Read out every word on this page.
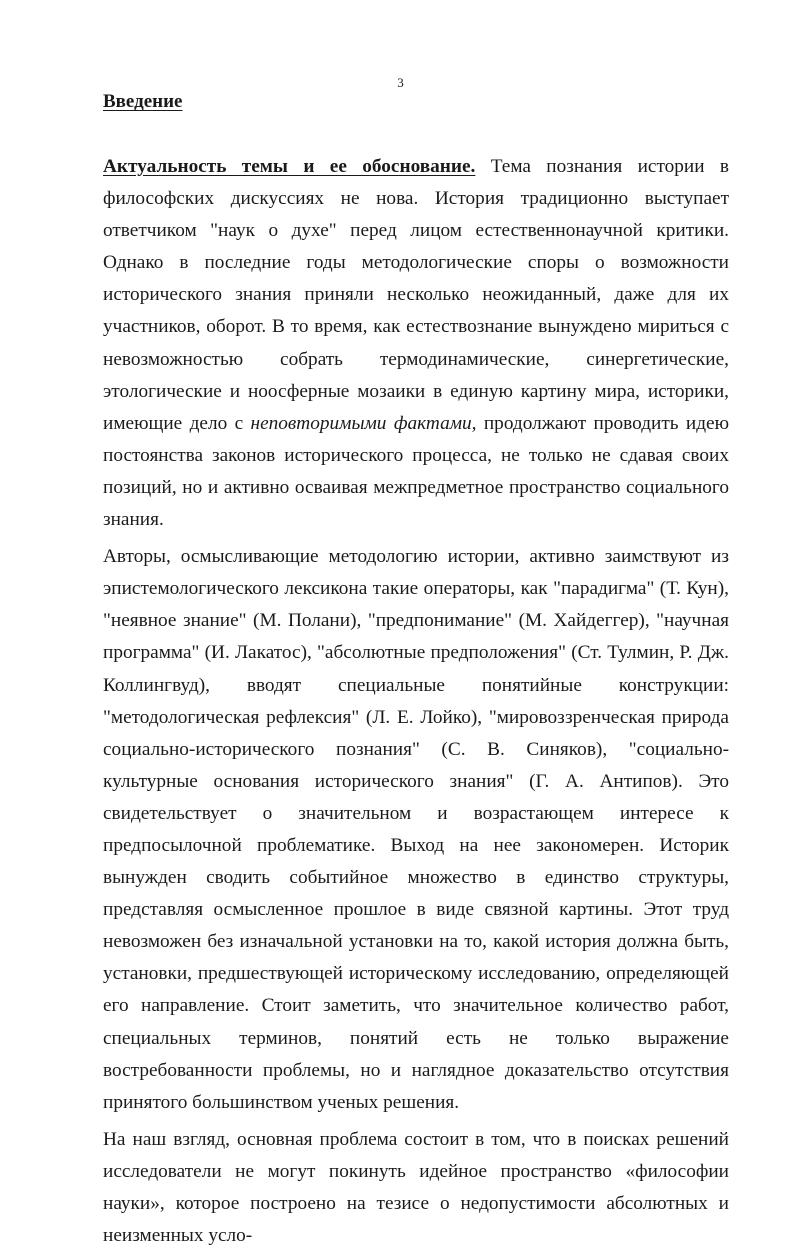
3
Введение

Актуальность темы и ее обоснование. Тема познания истории в философских дискуссиях не нова. История традиционно выступает ответчиком "наук о духе" перед лицом естественнонаучной критики. Однако в последние годы методологические споры о возможности исторического знания приняли несколько неожиданный, даже для их участников, оборот. В то время, как естествознание вынуждено мириться с невозможностью собрать термодинамические, синергетические, этологические и ноосферные мозаики в единую картину мира, историки, имеющие дело с неповторимыми фактами, продолжают проводить идею постоянства законов исторического процесса, не только не сдавая своих позиций, но и активно осваивая межпредметное пространство социального знания.

Авторы, осмысливающие методологию истории, активно заимствуют из эпистемологического лексикона такие операторы, как "парадигма" (Т. Кун), "неявное знание" (М. Полани), "предпонимание" (М. Хайдеггер), "научная программа" (И. Лакатос), "абсолютные предположения" (Ст. Тулмин, Р. Дж. Коллингвуд), вводят специальные понятийные конструкции: "методологическая рефлексия" (Л. Е. Лойко), "мировоззренческая природа социально-исторического познания" (С. В. Синяков), "социально-культурные основания исторического знания" (Г. А. Антипов). Это свидетельствует о значительном и возрастающем интересе к предпосылочной проблематике. Выход на нее закономерен. Историк вынужден сводить событийное множество в единство структуры, представляя осмысленное прошлое в виде связной картины. Этот труд невозможен без изначальной установки на то, какой история должна быть, установки, предшествующей историческому исследованию, определяющей его направление. Стоит заметить, что значительное количество работ, специальных терминов, понятий есть не только выражение востребованности проблемы, но и наглядное доказательство отсутствия принятого большинством ученых решения.

На наш взгляд, основная проблема состоит в том, что в поисках решений исследователи не могут покинуть идейное пространство «философии науки», которое построено на тезисе о недопустимости абсолютных и неизменных усло-
